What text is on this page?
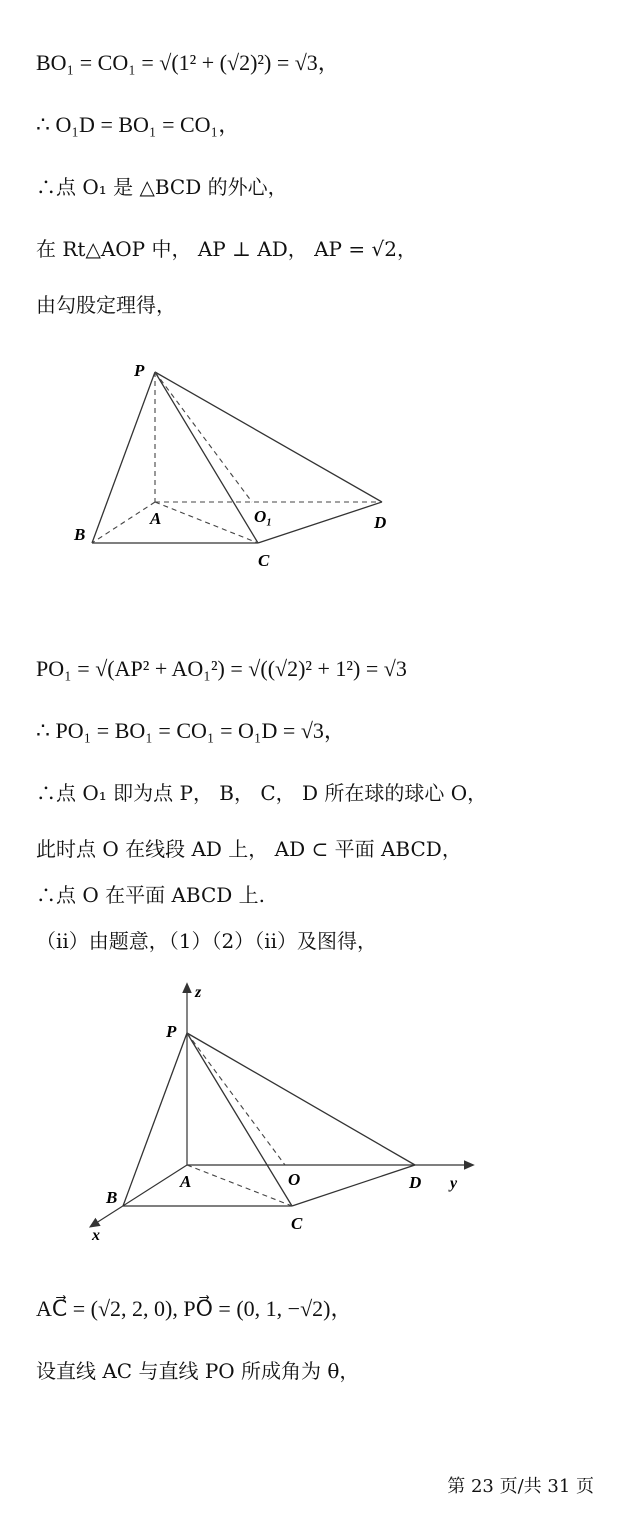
BO₁ = CO₁ = √(1² + (√2)²) = √3，
∴ O₁D = BO₁ = CO₁，
∴点 O₁ 是 △BCD 的外心，
在 Rt△AOP 中， AP ⊥ AD， AP = √2，
由勾股定理得，
P
A
B
C
D
O₁
PO₁ = √(AP² + AO₁²) = √((√2)² + 1²) = √3
∴ PO₁ = BO₁ = CO₁ = O₁D = √3，
∴点 O₁ 即为点 P， B， C， D 所在球的球心 O，
此时点 O 在线段 AD 上， AD ⊂ 平面 ABCD，
∴点 O 在平面 ABCD 上.
（ii）由题意，（1）（2）（ii）及图得，
z
P
A
B
C
D
O	y
x
AC⃗ = (√2, 2, 0), PO⃗ = (0, 1, −√2)，
设直线 AC 与直线 PO 所成角为 θ，
第 23 页/共 31 页
